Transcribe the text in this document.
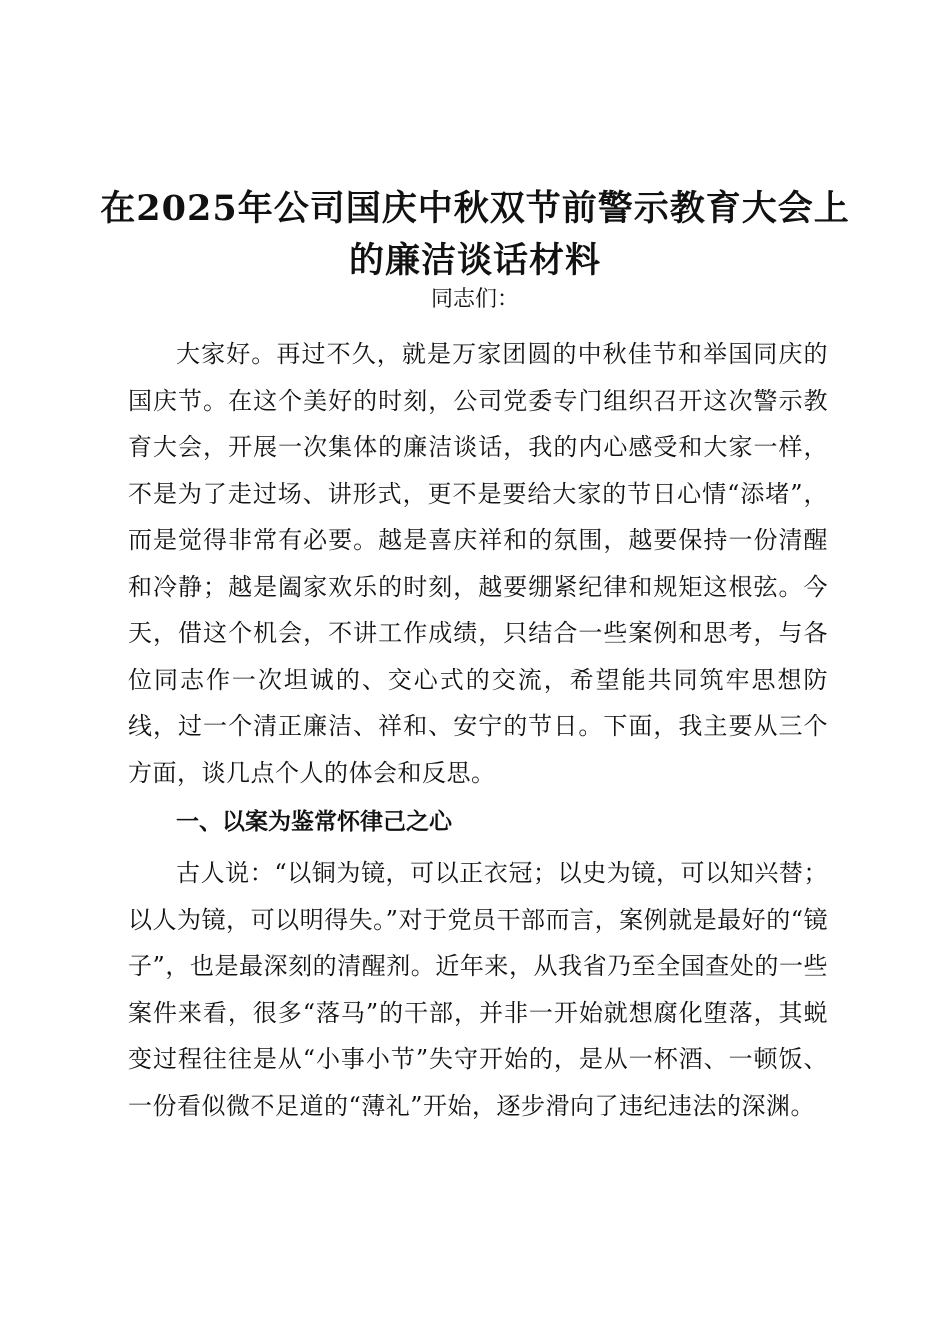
在2025年公司国庆中秋双节前警示教育大会上的廉洁谈话材料
同志们：

大家好。再过不久，就是万家团圆的中秋佳节和举国同庆的国庆节。在这个美好的时刻，公司党委专门组织召开这次警示教育大会，开展一次集体的廉洁谈话，我的内心感受和大家一样，不是为了走过场、讲形式，更不是要给大家的节日心情“添堵”，而是觉得非常有必要。越是喜庆祥和的氛围，越要保持一份清醒和冷静；越是阖家欢乐的时刻，越要绷紧纪律和规矩这根弦。今天，借这个机会，不讲工作成绩，只结合一些案例和思考，与各位同志作一次坦诚的、交心式的交流，希望能共同筑牢思想防线，过一个清正廉洁、祥和、安宁的节日。下面，我主要从三个方面，谈几点个人的体会和反思。

一、以案为鉴常怀律己之心

古人说：“以铜为镜，可以正衣冠；以史为镜，可以知兴替；以人为镜，可以明得失。”对于党员干部而言，案例就是最好的“镜子”，也是最深刻的清醒剂。近年来，从我省乃至全国查处的一些案件来看，很多“落马”的干部，并非一开始就想腐化堕落，其蜕变过程往往是从“小事小节”失守开始的，是从一杯酒、一顿饭、一份看似微不足道的“薄礼”开始，逐步滑向了违纪违法的深渊。
